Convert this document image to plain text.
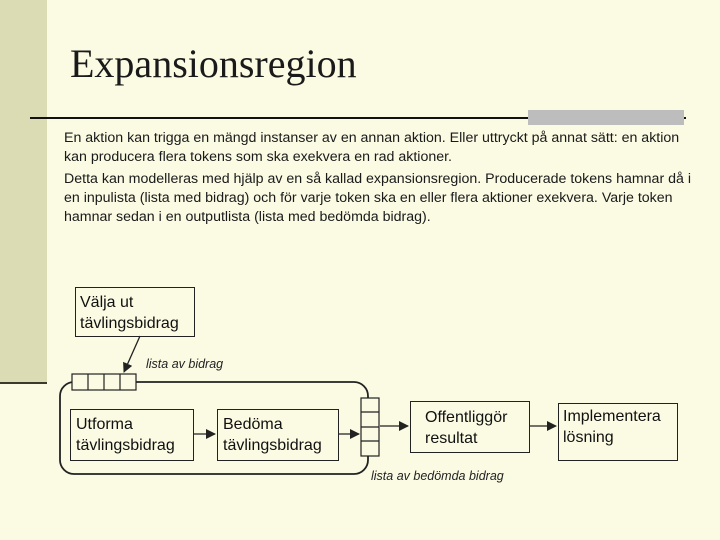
Expansionsregion

En aktion kan trigga en mängd instanser av en annan aktion. Eller uttryckt på annat sätt: en aktion kan producera flera tokens som ska exekvera en rad aktioner.

Detta kan modelleras med hjälp av en så kallad expansionsregion. Producerade tokens hamnar då i en inpulista (lista med bidrag) och för varje token ska en eller flera aktioner exekvera. Varje token hamnar sedan i en outputlista (lista med bedömda bidrag).

Välja ut tävlingsbidrag
lista av bidrag
Utforma tävlingsbidrag
Bedöma tävlingsbidrag
lista av bedömda bidrag
Offentliggör resultat
Implementera lösning
